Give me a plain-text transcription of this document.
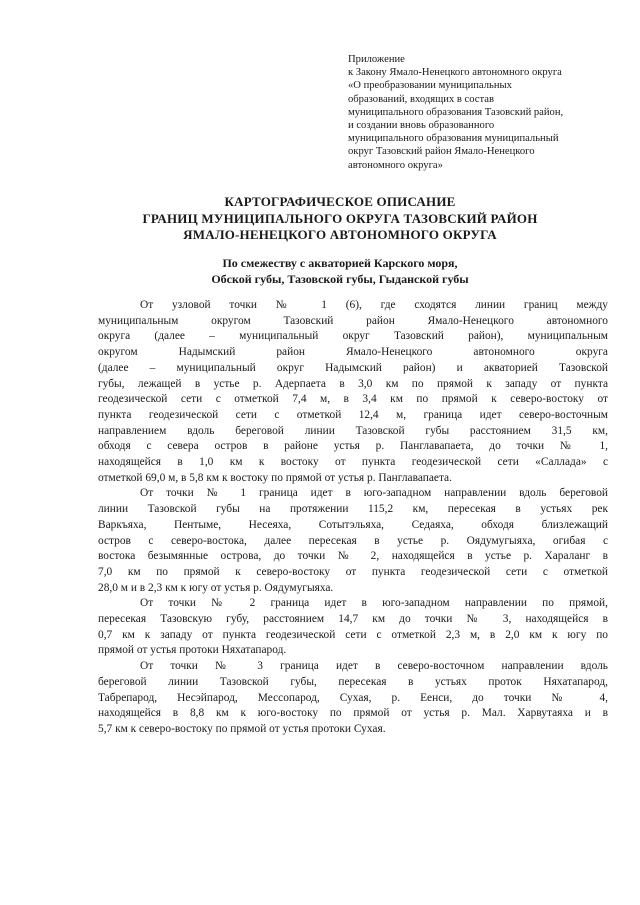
Приложение
к Закону Ямало-Ненецкого автономного округа
«О преобразовании муниципальных
образований, входящих в состав
муниципального образования Тазовский район,
и создании вновь образованного
муниципального образования муниципальный
округ Тазовский район Ямало-Ненецкого
автономного округа»
КАРТОГРАФИЧЕСКОЕ ОПИСАНИЕ
ГРАНИЦ МУНИЦИПАЛЬНОГО ОКРУГА ТАЗОВСКИЙ РАЙОН
ЯМАЛО-НЕНЕЦКОГО АВТОНОМНОГО ОКРУГА
По смежеству с акваторией Карского моря,
Обской губы, Тазовской губы, Гыданской губы
От узловой точки № 1 (6), где сходятся линии границ между
муниципальным округом Тазовский район Ямало-Ненецкого автономного
округа (далее – муниципальный округ Тазовский район), муниципальным
округом Надымский район Ямало-Ненецкого автономного округа
(далее – муниципальный округ Надымский район) и акваторией Тазовской
губы, лежащей в устье р. Адерпаета в 3,0 км по прямой к западу от пункта
геодезической сети с отметкой 7,4 м, в 3,4 км по прямой к северо-востоку от
пункта геодезической сети с отметкой 12,4 м, граница идет северо-восточным
направлением вдоль береговой линии Тазовской губы расстоянием 31,5 км,
обходя с севера остров в районе устья р. Панглавапаета, до точки № 1,
находящейся в 1,0 км к востоку от пункта геодезической сети «Саллада» с
отметкой 69,0 м, в 5,8 км к востоку по прямой от устья р. Панглавапаета.
От точки № 1 граница идет в юго-западном направлении вдоль береговой
линии Тазовской губы на протяжении 115,2 км, пересекая в устьях рек
Варкъяха, Пентыме, Несеяха, Сотытэльяха, Седаяха, обходя близлежащий
остров с северо-востока, далее пересекая в устье р. Оядумугыяха, огибая с
востока безымянные острова, до точки № 2, находящейся в устье р. Хараланг в
7,0 км по прямой к северо-востоку от пункта геодезической сети с отметкой
28,0 м и в 2,3 км к югу от устья р. Оядумугыяха.
От точки № 2 граница идет в юго-западном направлении по прямой,
пересекая Тазовскую губу, расстоянием 14,7 км до точки № 3, находящейся в
0,7 км к западу от пункта геодезической сети с отметкой 2,3 м, в 2,0 км к югу по
прямой от устья протоки Няхатапарод.
От точки № 3 граница идет в северо-восточном направлении вдоль
береговой линии Тазовской губы, пересекая в устьях проток Няхатапарод,
Табрепарод, Несэйпарод, Мессопарод, Сухая, р. Еенси, до точки № 4,
находящейся в 8,8 км к юго-востоку по прямой от устья р. Мал. Харвутаяха и в
5,7 км к северо-востоку по прямой от устья протоки Сухая.
